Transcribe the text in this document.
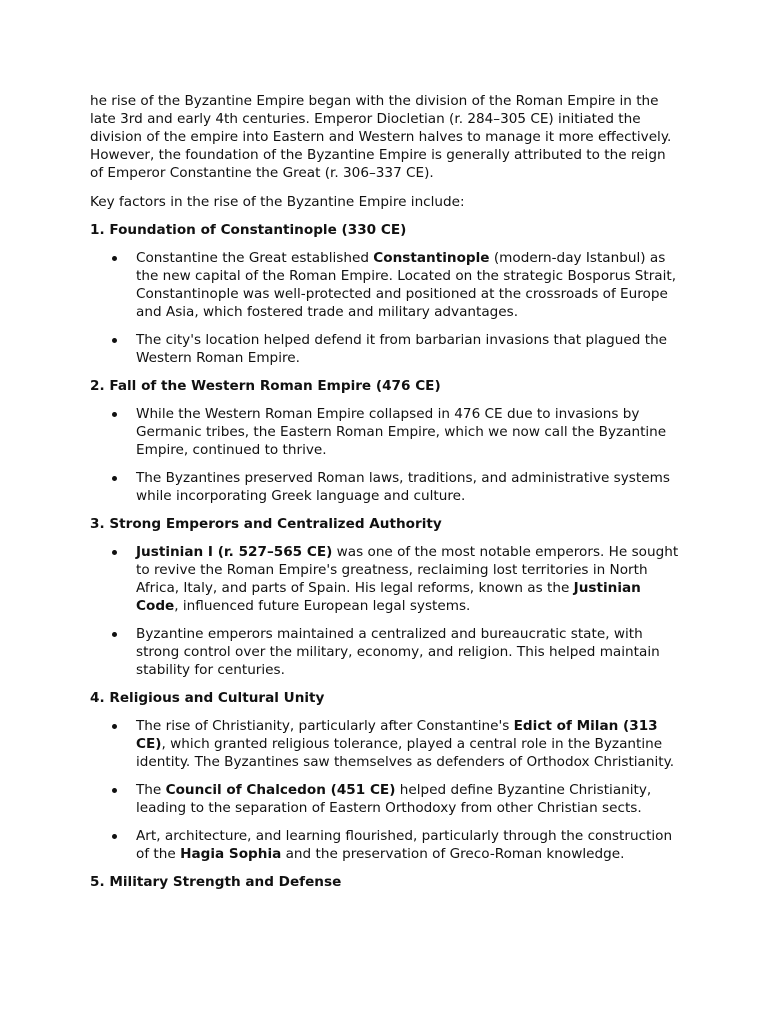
he rise of the Byzantine Empire began with the division of the Roman Empire in the late 3rd and early 4th centuries. Emperor Diocletian (r. 284–305 CE) initiated the division of the empire into Eastern and Western halves to manage it more effectively. However, the foundation of the Byzantine Empire is generally attributed to the reign of Emperor Constantine the Great (r. 306–337 CE).

Key factors in the rise of the Byzantine Empire include:

1. Foundation of Constantinople (330 CE)
Constantine the Great established Constantinople (modern-day Istanbul) as the new capital of the Roman Empire. Located on the strategic Bosporus Strait, Constantinople was well-protected and positioned at the crossroads of Europe and Asia, which fostered trade and military advantages.
The city's location helped defend it from barbarian invasions that plagued the Western Roman Empire.
2. Fall of the Western Roman Empire (476 CE)
While the Western Roman Empire collapsed in 476 CE due to invasions by Germanic tribes, the Eastern Roman Empire, which we now call the Byzantine Empire, continued to thrive.
The Byzantines preserved Roman laws, traditions, and administrative systems while incorporating Greek language and culture.
3. Strong Emperors and Centralized Authority
Justinian I (r. 527–565 CE) was one of the most notable emperors. He sought to revive the Roman Empire's greatness, reclaiming lost territories in North Africa, Italy, and parts of Spain. His legal reforms, known as the Justinian Code, influenced future European legal systems.
Byzantine emperors maintained a centralized and bureaucratic state, with strong control over the military, economy, and religion. This helped maintain stability for centuries.
4. Religious and Cultural Unity
The rise of Christianity, particularly after Constantine's Edict of Milan (313 CE), which granted religious tolerance, played a central role in the Byzantine identity. The Byzantines saw themselves as defenders of Orthodox Christianity.
The Council of Chalcedon (451 CE) helped define Byzantine Christianity, leading to the separation of Eastern Orthodoxy from other Christian sects.
Art, architecture, and learning flourished, particularly through the construction of the Hagia Sophia and the preservation of Greco-Roman knowledge.
5. Military Strength and Defense
